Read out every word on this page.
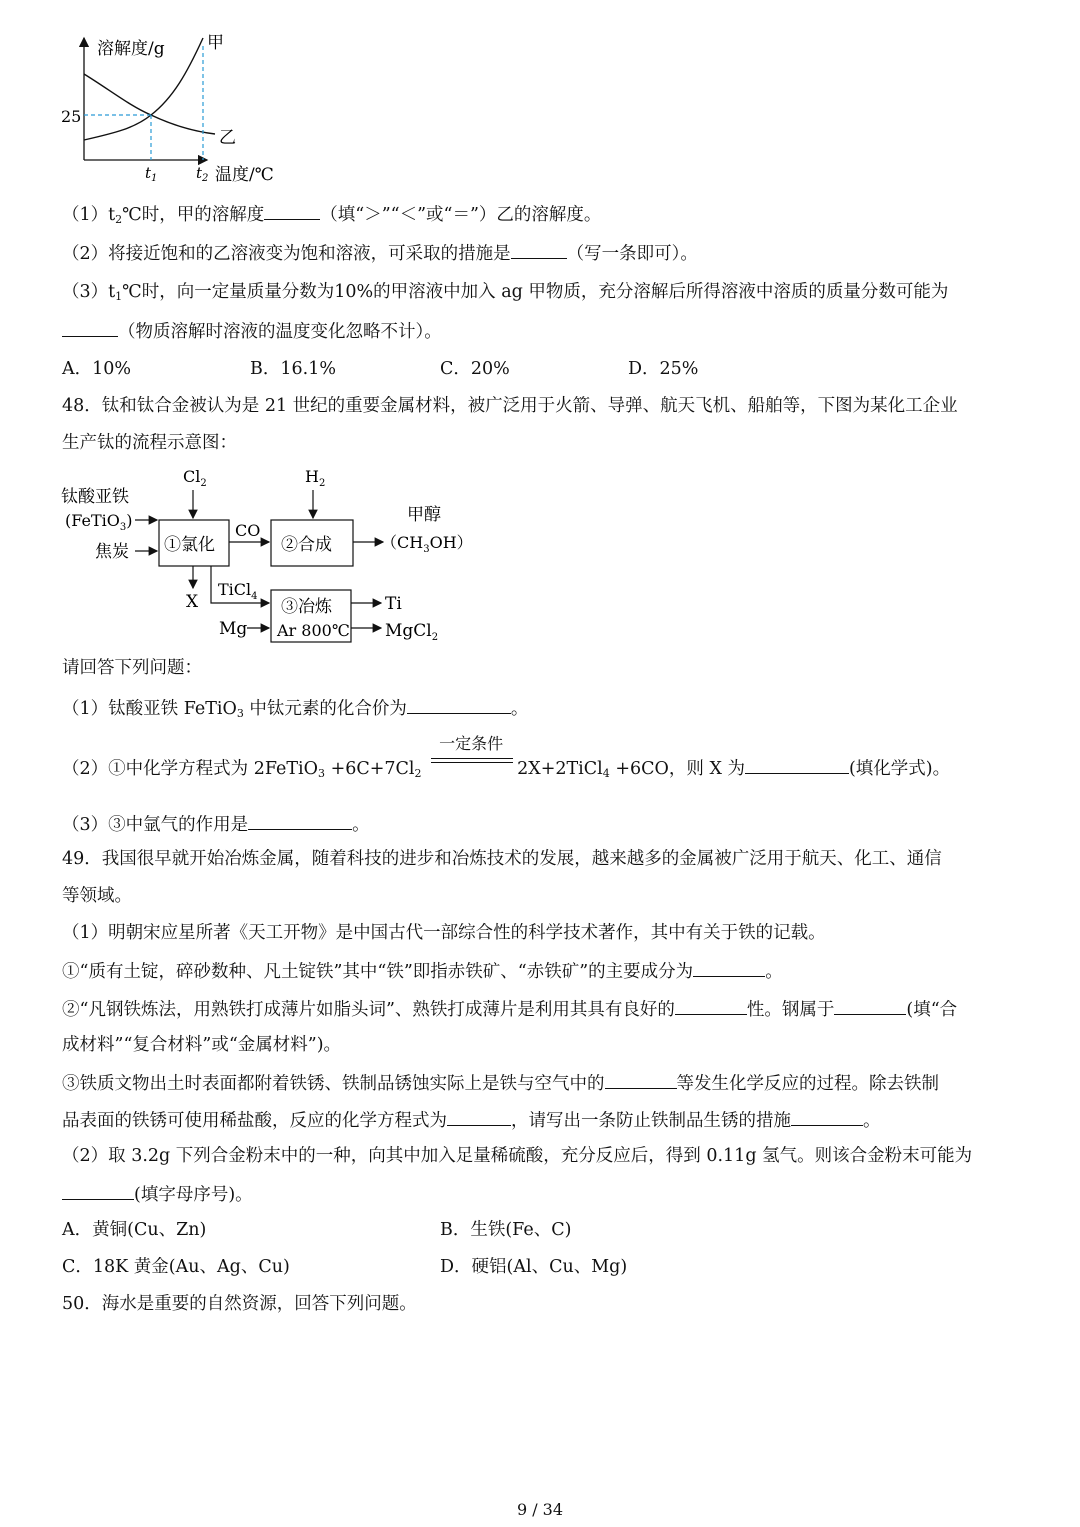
溶解度/g 甲
乙
25
$t_1$	$t_2$ 温度/℃
$(1)t_2℃$时，甲的溶解度	（填“＞”“＜”或“＝”）乙的溶解度。
（2）将接近饱和的乙溶液变为饱和溶液，可采取的措施是	（写一条即可）。
$(3)t_1℃$时，向一定量质量分数为10%的甲溶液中加入 ag 甲物质，充分溶解后所得溶液中溶质的质量分数可能为
（物质溶解时溶液的温度变化忽略不计）。
A．10%	B．16.1%	C．20%	D．25%
48．钛和钛合金被认为是 21 世纪的重要金属材料，被广泛用于火箭、导弹、航天飞机、船舶等，下图为某化工企业
生产钛的流程示意图：
$Cl_2$	$H_2$
钛酸亚铁
(FeTiO$_3$)
焦炭 ①氯化
CO
②合成
甲醇
$(CH_3OH)$
X
TiCl$_4$
③冶炼
Ar 800℃
Mg
Ti
MgCl$_2$
请回答下列问题：
（1）钛酸亚铁 FeTiO$_3$ 中钛元素的化合价为	。
（2）①中化学方程式为 2FeTiO$_3$ $+6C+7Cl_2$
一定条件
2X+2TiCl$_4$ +6CO，则 X 为	(填化学式)。
（3）③中氩气的作用是	。
49．我国很早就开始冶炼金属，随着科技的进步和冶炼技术的发展，越来越多的金属被广泛用于航天、化工、通信
等领域。
（1）明朝宋应星所著《天工开物》是中国古代一部综合性的科学技术著作，其中有关于铁的记载。
①“质有土锭，碎砂数种、凡土锭铁”其中“铁”即指赤铁矿、“赤铁矿”的主要成分为	。
②“凡钢铁炼法，用熟铁打成薄片如脂头词”、熟铁打成薄片是利用其具有良好的	性。钢属于	(填“合
成材料”“复合材料”或“金属材料”)。
③铁质文物出土时表面都附着铁锈、铁制品锈蚀实际上是铁与空气中的	等发生化学反应的过程。除去铁制
品表面的铁锈可使用稀盐酸，反应的化学方程式为	，请写出一条防止铁制品生锈的措施	。
（2）取 3.2g 下列合金粉末中的一种，向其中加入足量稀硫酸，充分反应后，得到 0.11g 氢气。则该合金粉末可能为
(填字母序号)。
A．黄铜(Cu、Zn)	B．生铁(Fe、C)
C．18K 黄金(Au、Ag、Cu)	D．硬铝(Al、Cu、Mg)
50．海水是重要的自然资源，回答下列问题。
9 / 34
